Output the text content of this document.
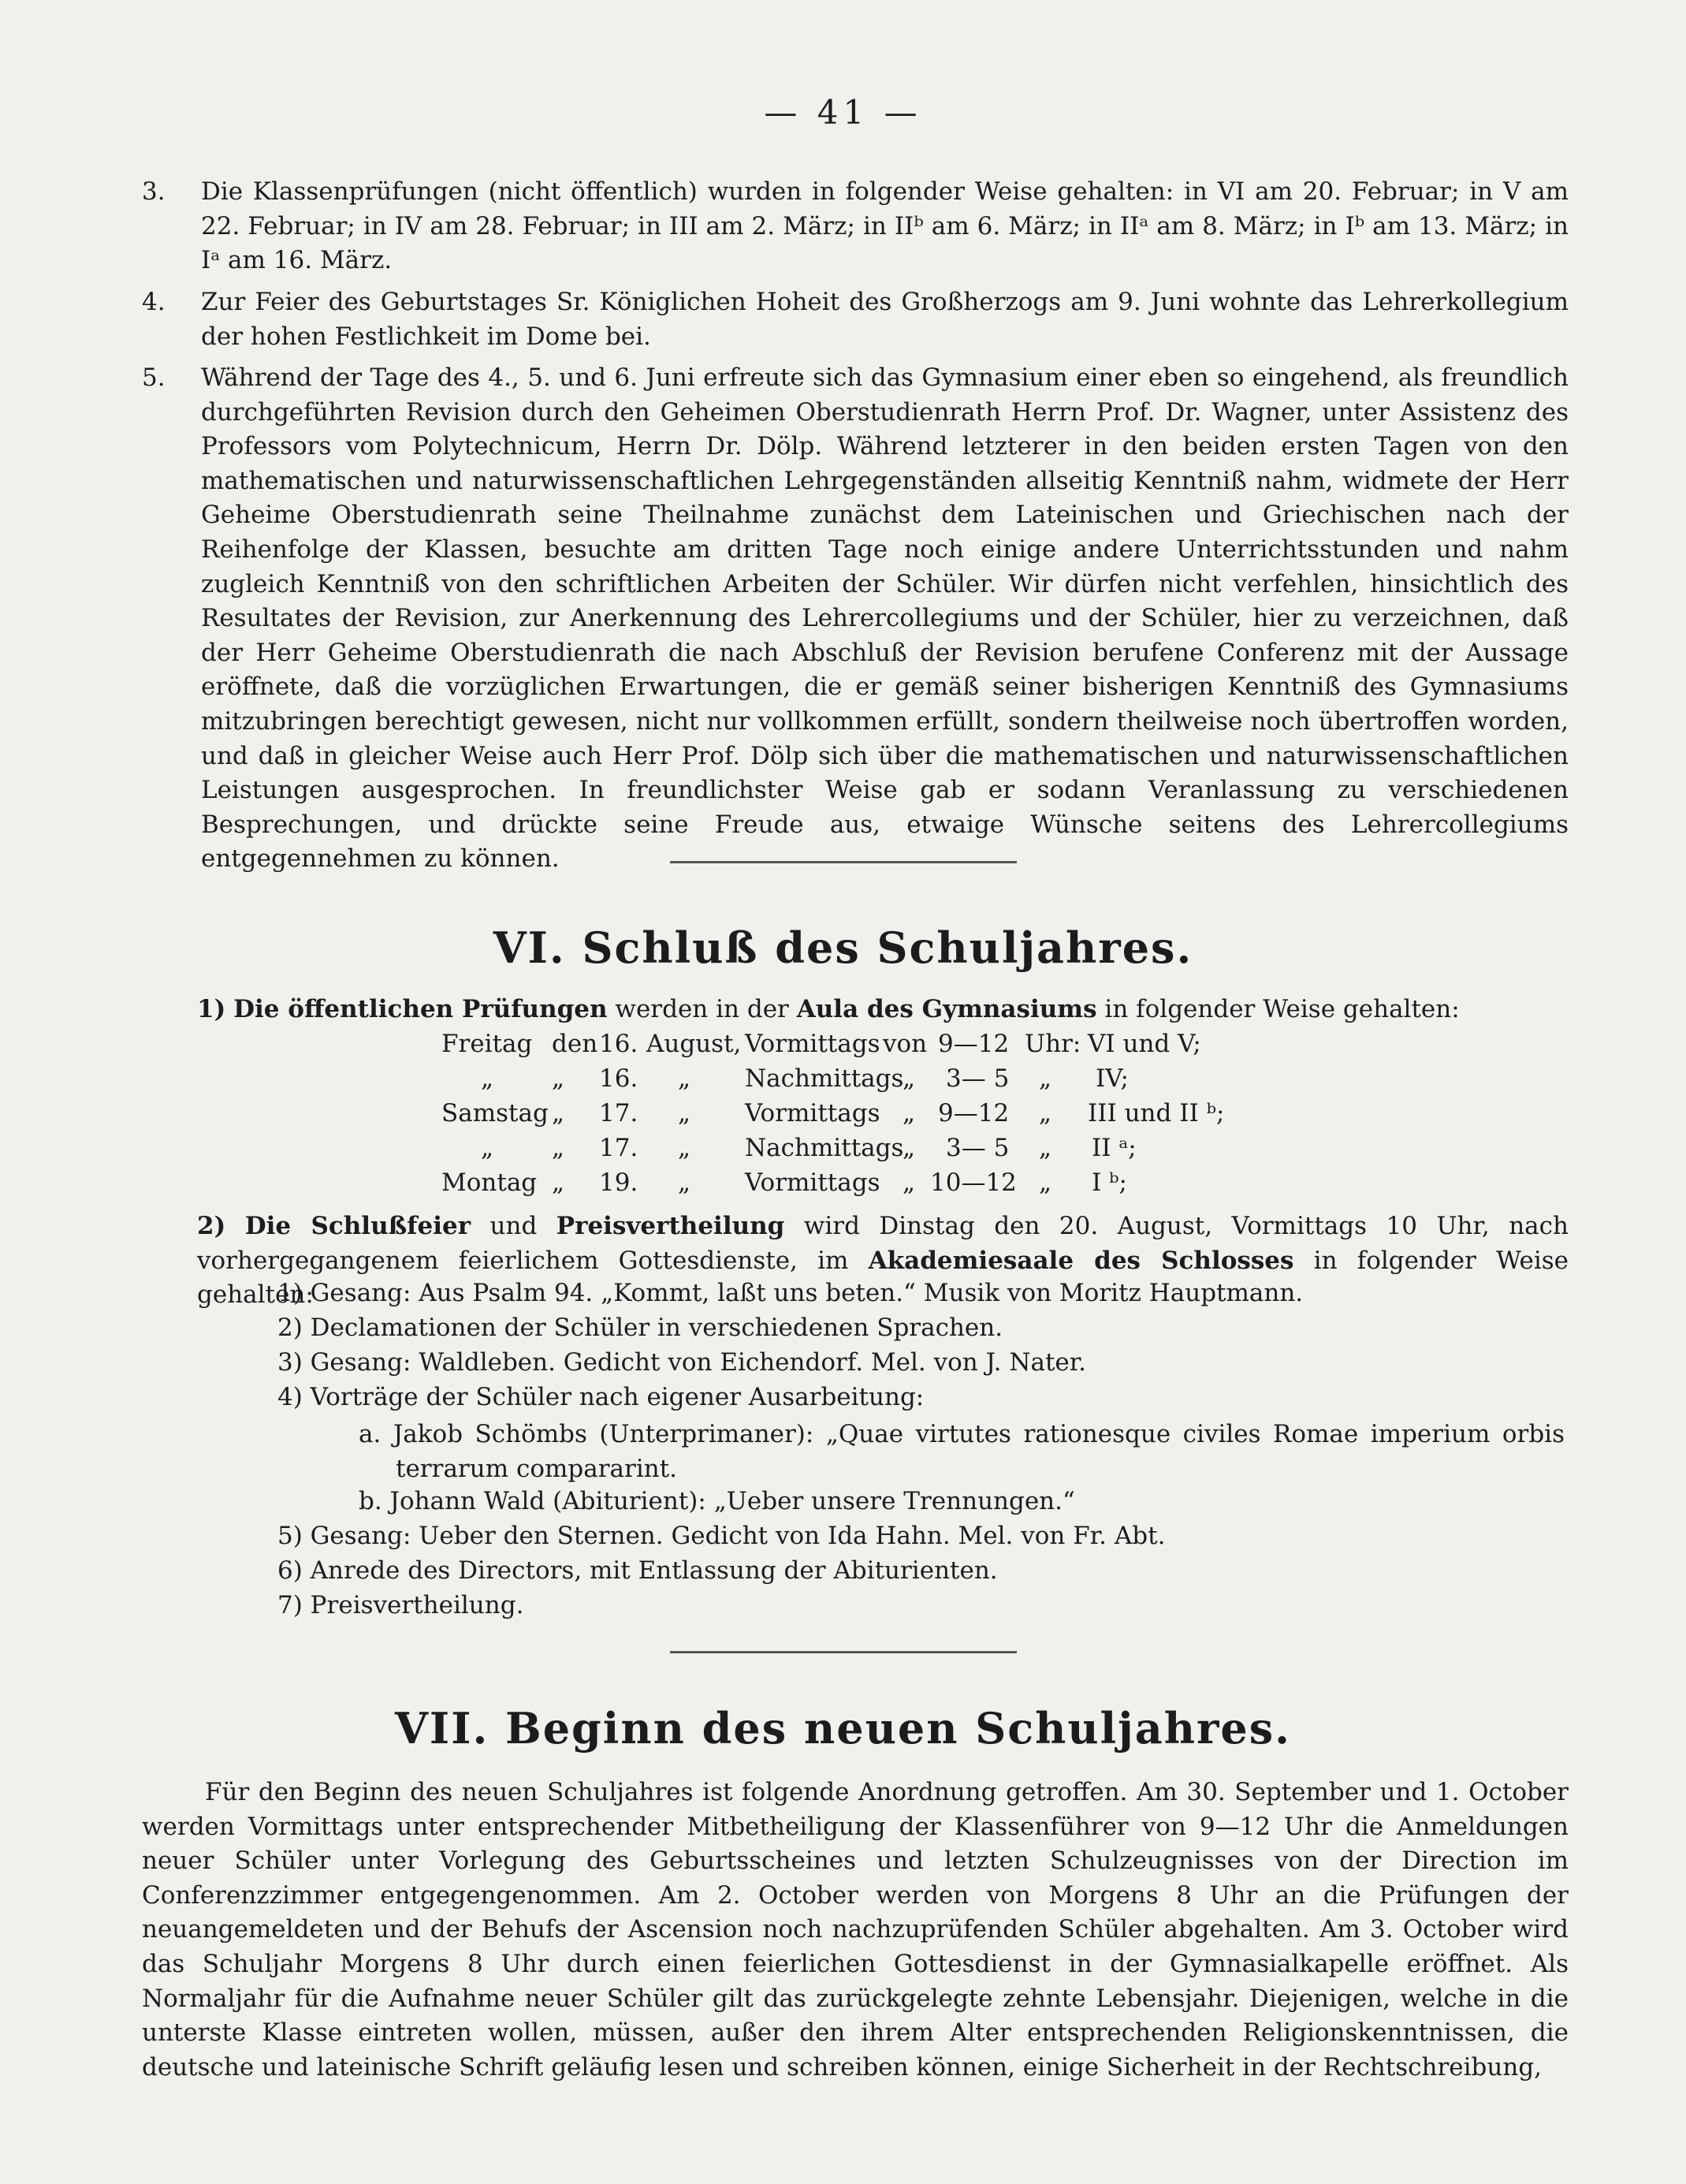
— 41 —
3. Die Klassenprüfungen (nicht öffentlich) wurden in folgender Weise gehalten: in VI am 20. Februar; in V am 22. Februar; in IV am 28. Februar; in III am 2. März; in IIᵇ am 6. März; in IIᵃ am 8. März; in Iᵇ am 13. März; in Iᵃ am 16. März.
4. Zur Feier des Geburtstages Sr. Königlichen Hoheit des Großherzogs am 9. Juni wohnte das Lehrerkollegium der hohen Festlichkeit im Dome bei.
5. Während der Tage des 4., 5. und 6. Juni erfreute sich das Gymnasium einer eben so eingehend, als freundlich durchgeführten Revision durch den Geheimen Oberstudienrath Herrn Prof. Dr. Wagner, unter Assistenz des Professors vom Polytechnicum, Herrn Dr. Dölp. Während letzterer in den beiden ersten Tagen von den mathematischen und naturwissenschaftlichen Lehrgegenständen allseitig Kenntniß nahm, widmete der Herr Geheime Oberstudienrath seine Theilnahme zunächst dem Lateinischen und Griechischen nach der Reihenfolge der Klassen, besuchte am dritten Tage noch einige andere Unterrichtsstunden und nahm zugleich Kenntniß von den schriftlichen Arbeiten der Schüler. Wir dürfen nicht verfehlen, hinsichtlich des Resultates der Revision, zur Anerkennung des Lehrercollegiums und der Schüler, hier zu verzeichnen, daß der Herr Geheime Oberstudienrath die nach Abschluß der Revision berufene Conferenz mit der Aussage eröffnete, daß die vorzüglichen Erwartungen, die er gemäß seiner bisherigen Kenntniß des Gymnasiums mitzubringen berechtigt gewesen, nicht nur vollkommen erfüllt, sondern theilweise noch übertroffen worden, und daß in gleicher Weise auch Herr Prof. Dölp sich über die mathematischen und naturwissenschaftlichen Leistungen ausgesprochen. In freundlichster Weise gab er sodann Veranlassung zu verschiedenen Besprechungen, und drückte seine Freude aus, etwaige Wünsche seitens des Lehrercollegiums entgegennehmen zu können.
VI. Schluß des Schuljahres.
1) Die öffentlichen Prüfungen werden in der Aula des Gymnasiums in folgender Weise gehalten:
Freitag den 16. August, Vormittags von 9—12 Uhr: VI und V;
„ „ 16. „ Nachmittags
„ 3— 5 „ IV;
Samstag „ 17. „ Vormittags „ 9—12 „ III und II ᵇ;
„ „ 17. „ Nachmittags
„ 3— 5 „ II ᵃ;
Montag „ 19. „ Vormittags „ 10—12 „ I ᵇ;
2) Die Schlußfeier und Preisvertheilung wird Dinstag den 20. August, Vormittags 10 Uhr, nach vorhergegangenem feierlichem Gottesdienste, im Akademiesaale des Schlosses in folgender Weise gehalten:
1) Gesang: Aus Psalm 94. „Kommt, laßt uns beten.“ Musik von Moritz Hauptmann.
2) Declamationen der Schüler in verschiedenen Sprachen.
3) Gesang: Waldleben. Gedicht von Eichendorf. Mel. von J. Nater.
4) Vorträge der Schüler nach eigener Ausarbeitung:
a. Jakob Schömbs (Unterprimaner): „Quae virtutes rationesque civiles Romae imperium orbis terrarum compararint.
b. Johann Wald (Abiturient): „Ueber unsere Trennungen.“
5) Gesang: Ueber den Sternen. Gedicht von Ida Hahn. Mel. von Fr. Abt.
6) Anrede des Directors, mit Entlassung der Abiturienten.
7) Preisvertheilung.
VII. Beginn des neuen Schuljahres.
Für den Beginn des neuen Schuljahres ist folgende Anordnung getroffen. Am 30. September und 1. October werden Vormittags unter entsprechender Mitbetheiligung der Klassenführer von 9—12 Uhr die Anmeldungen neuer Schüler unter Vorlegung des Geburtsscheines und letzten Schulzeugnisses von der Direction im Conferenzzimmer entgegengenommen. Am 2. October werden von Morgens 8 Uhr an die Prüfungen der neuangemeldeten und der Behufs der Ascension noch nachzuprüfenden Schüler abgehalten. Am 3. October wird das Schuljahr Morgens 8 Uhr durch einen feierlichen Gottesdienst in der Gymnasialkapelle eröffnet. Als Normaljahr für die Aufnahme neuer Schüler gilt das zurückgelegte zehnte Lebensjahr. Diejenigen, welche in die unterste Klasse eintreten wollen, müssen, außer den ihrem Alter entsprechenden Religionskenntnissen, die deutsche und lateinische Schrift geläufig lesen und schreiben können, einige Sicherheit in der Rechtschreibung,
